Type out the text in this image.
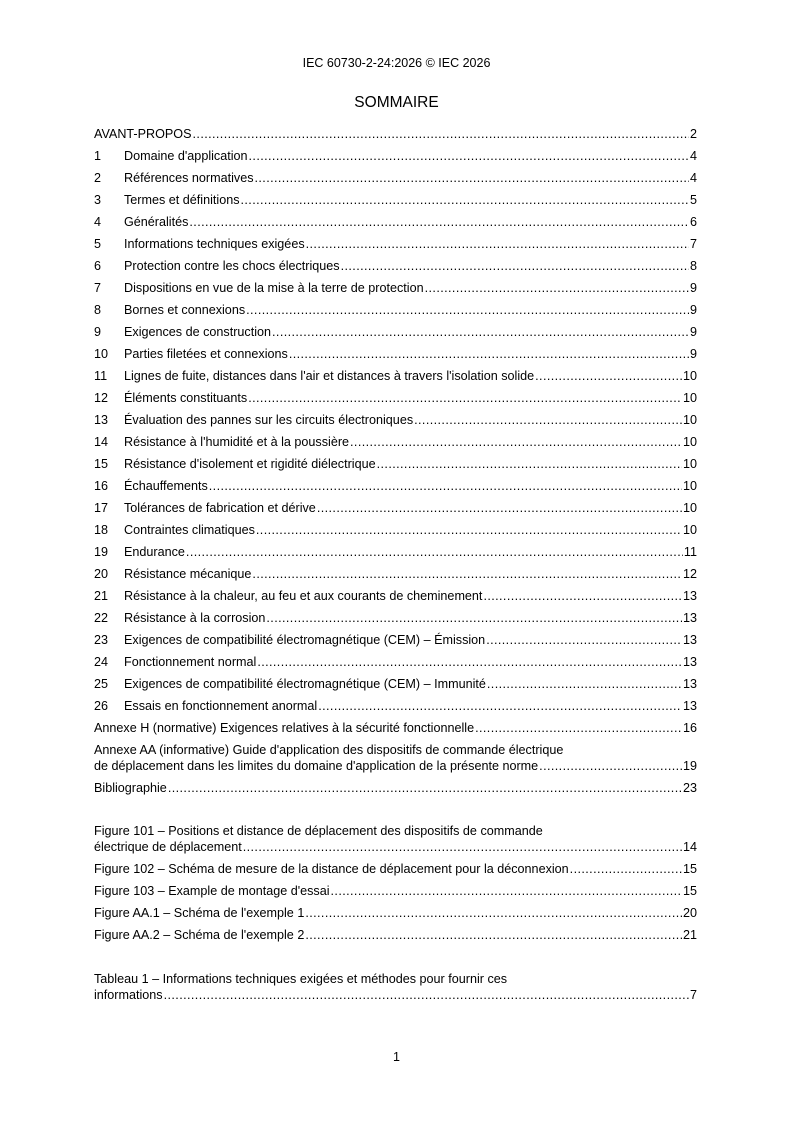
IEC 60730-2-24:2026 © IEC 2026
SOMMAIRE
AVANT-PROPOS .....	2
1	Domaine d'application .....	4
2	Références normatives .....	4
3	Termes et définitions .....	5
4	Généralités .....	6
5	Informations techniques exigées .....	7
6	Protection contre les chocs électriques .....	8
7	Dispositions en vue de la mise à la terre de protection .....	9
8	Bornes et connexions .....	9
9	Exigences de construction .....	9
10	Parties filetées et connexions .....	9
11	Lignes de fuite, distances dans l'air et distances à travers l'isolation solide .....	10
12	Éléments constituants .....	10
13	Évaluation des pannes sur les circuits électroniques .....	10
14	Résistance à l'humidité et à la poussière .....	10
15	Résistance d'isolement et rigidité diélectrique .....	10
16	Échauffements .....	10
17	Tolérances de fabrication et dérive .....	10
18	Contraintes climatiques .....	10
19	Endurance .....	11
20	Résistance mécanique .....	12
21	Résistance à la chaleur, au feu et aux courants de cheminement .....	13
22	Résistance à la corrosion .....	13
23	Exigences de compatibilité électromagnétique (CEM) – Émission .....	13
24	Fonctionnement normal .....	13
25	Exigences de compatibilité électromagnétique (CEM) – Immunité .....	13
26	Essais en fonctionnement anormal .....	13
Annexe H (normative) Exigences relatives à la sécurité fonctionnelle .....	16
Annexe AA (informative) Guide d'application des dispositifs de commande électrique
de déplacement dans les limites du domaine d'application de la présente norme .....	19
Bibliographie .....	23
Figure 101 – Positions et distance de déplacement des dispositifs de commande
électrique de déplacement .....	14
Figure 102 – Schéma de mesure de la distance de déplacement pour la déconnexion .....	15
Figure 103 – Example de montage d'essai .....	15
Figure AA.1 – Schéma de l'exemple 1 .....	20
Figure AA.2 – Schéma de l'exemple 2 .....	21
Tableau 1 – Informations techniques exigées et méthodes pour fournir ces
informations .....	7
1
